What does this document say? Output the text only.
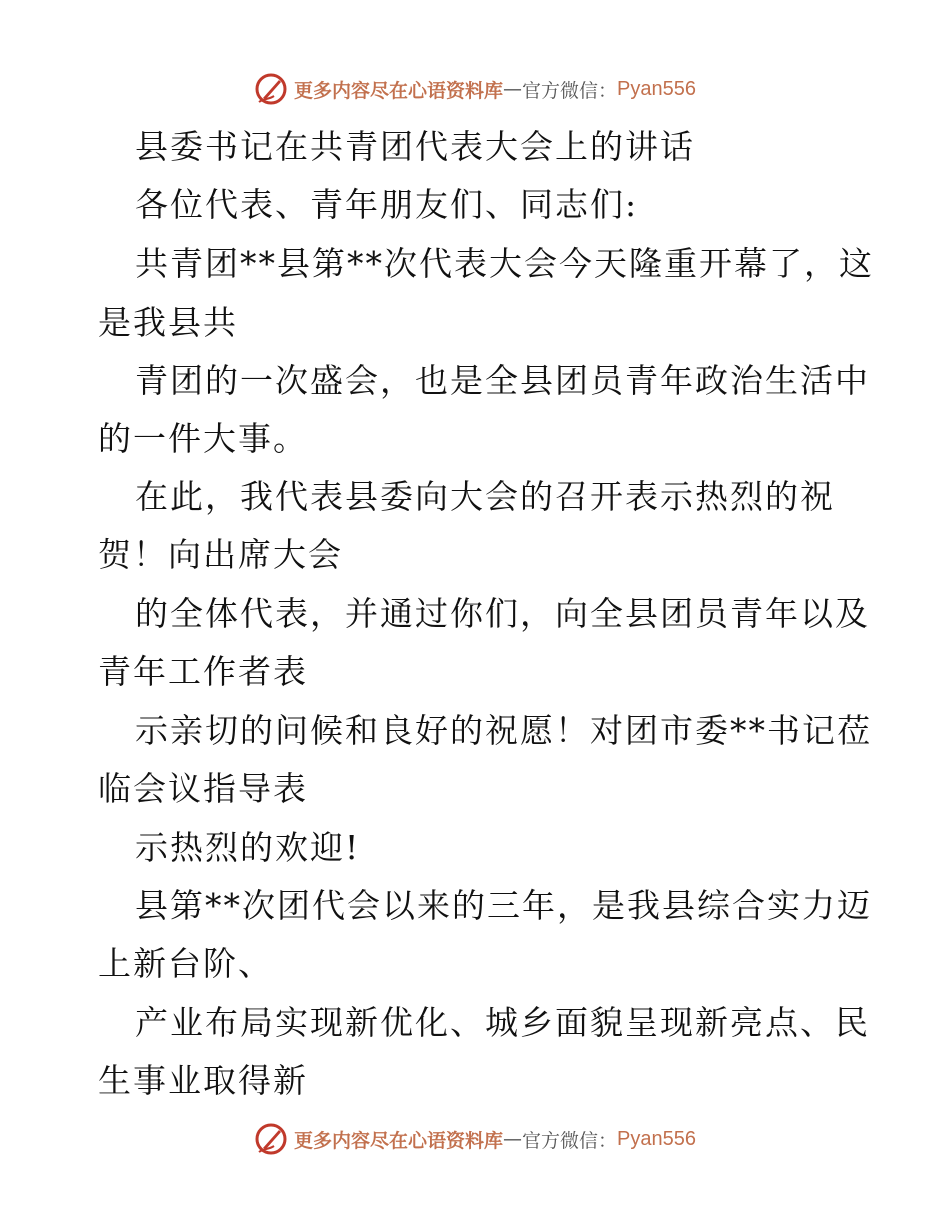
更多内容尽在心语资料库 — 官方微信： Pyan556
县委书记在共青团代表大会上的讲话
各位代表、青年朋友们、同志们:
共青团**县第**次代表大会今天隆重开幕了，这
是我县共
青团的一次盛会，也是全县团员青年政治生活中
的一件大事。
在此，我代表县委向大会的召开表示热烈的祝
贺！向出席大会
的全体代表，并通过你们，向全县团员青年以及
青年工作者表
示亲切的问候和良好的祝愿！对团市委**书记莅
临会议指导表
示热烈的欢迎!
县第**次团代会以来的三年，是我县综合实力迈
上新台阶、
产业布局实现新优化、城乡面貌呈现新亮点、民
生事业取得新
更多内容尽在心语资料库 — 官方微信： Pyan556
